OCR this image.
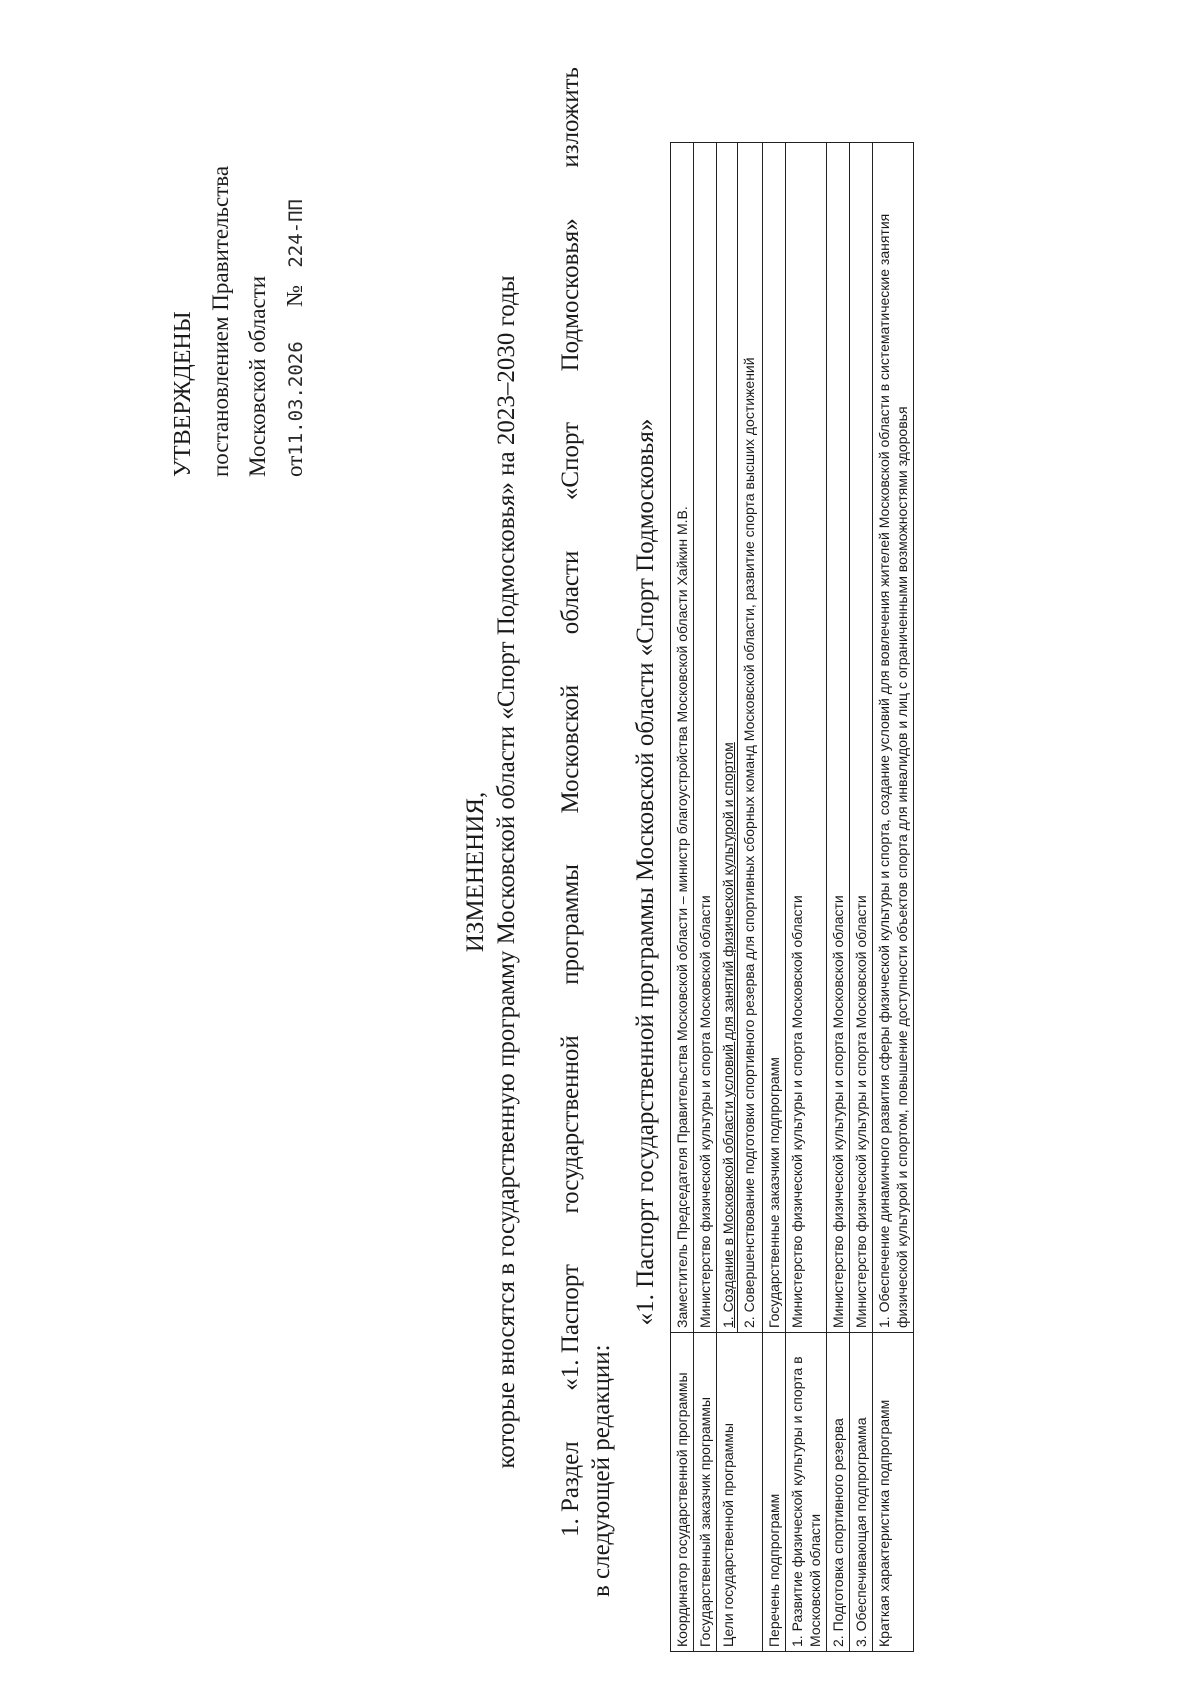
УТВЕРЖДЕНЫ постановлением Правительства Московской области от11.03.2026      №   224-ПП
ИЗМЕНЕНИЯ, которые вносятся в государственную программу Московской области «Спорт Подмосковья» на 2023–2030 годы
1. Раздел
«1. Паспорт
государственной
программы
Московской
области
«Спорт
Подмосковья»
изложить
в следующей редакции:
«1. Паспорт государственной программы Московской области «Спорт Подмосковья»
Координатор государственной программы	Заместитель Председателя Правительства Московской области – министр благоустройства Московской области Хайкин М.В.

Государственный заказчик программы	Министерство физической культуры и спорта Московской области

Цели государственной программы	1. Создание в Московской области условий для занятий физической культурой и спортом 2. Совершенствование подготовки спортивного резерва для спортивных сборных команд Московской области, развитие спорта высших достижений

Перечень подпрограмм	Государственные заказчики подпрограмм

1. Развитие физической культуры и спорта в Московской области	Министерство физической культуры и спорта Московской области

2. Подготовка спортивного резерва	Министерство физической культуры и спорта Московской области

3. Обеспечивающая подпрограмма	Министерство физической культуры и спорта Московской области

Краткая характеристика подпрограмм	1. Обеспечение динамичного развития сферы физической культуры и спорта, создание условий для вовлечения жителей Московской области в систематические занятия физической культурой и спортом, повышение доступности объектов спорта для инвалидов и лиц с ограниченными возможностями здоровья
